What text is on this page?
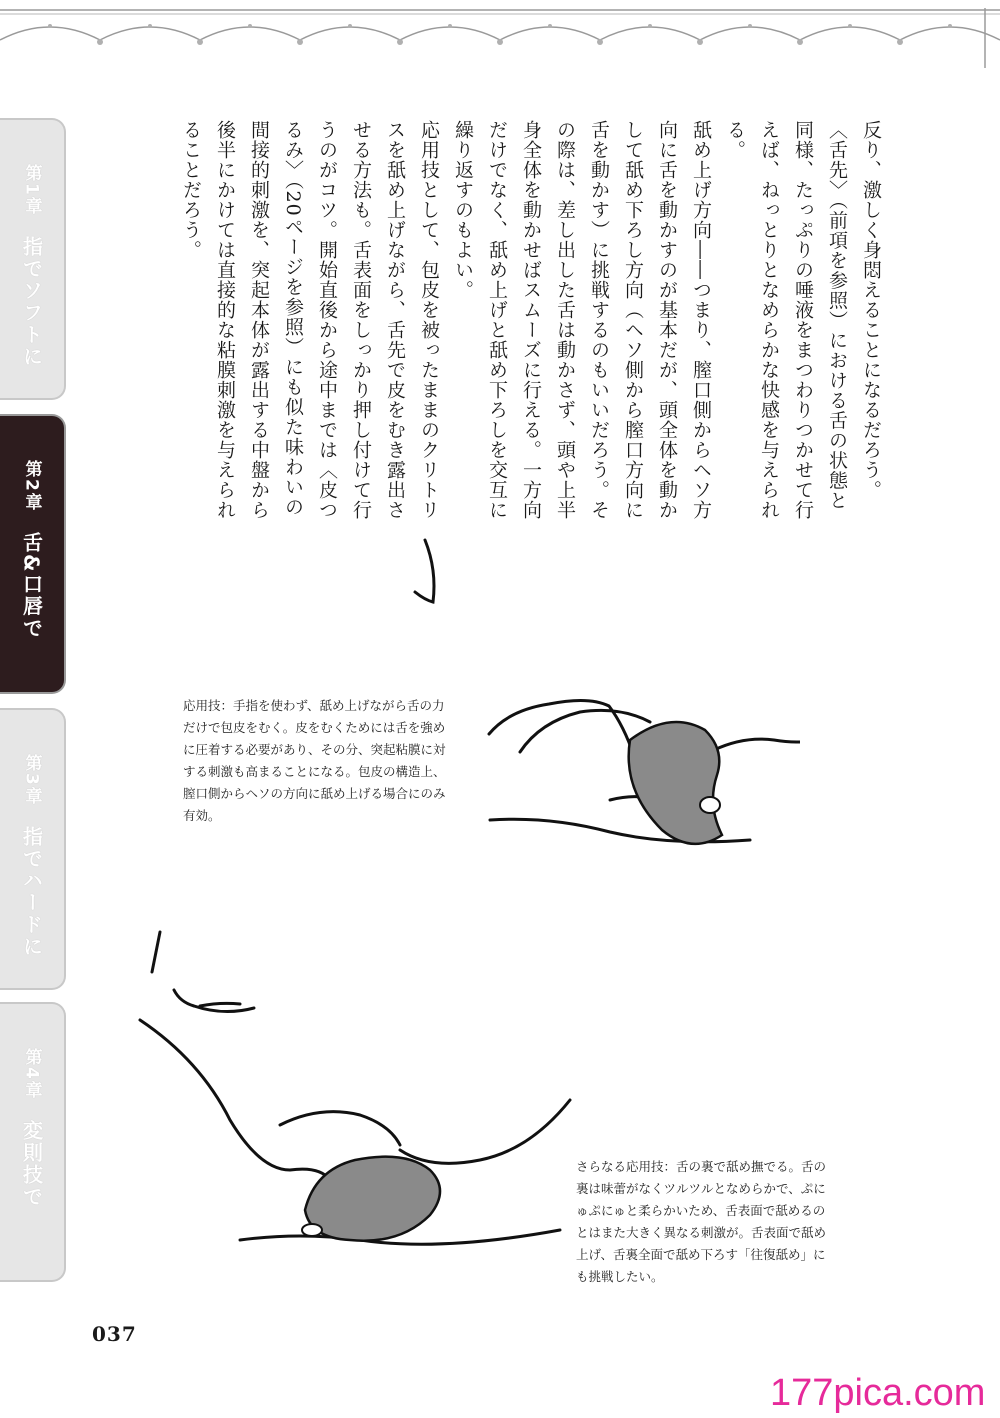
第1章
指でソフトに
第2章
舌&口唇で
第3章
指でハードに
第4章
変則技で

反り、激しく身悶えることになるだろう。

〈舌先〉（前項を参照）における舌の状態と同様、たっぷりの唾液をまつわりつかせて行えば、ねっとりとなめらかな快感を与えられる。

舐め上げ方向――つまり、膣口側からヘソ方向に舌を動かすのが基本だが、頭全体を動かして舐め下ろし方向（ヘソ側から膣口方向に舌を動かす）に挑戦するのもいいだろう。その際は、差し出した舌は動かさず、頭や上半身全体を動かせばスムーズに行える。一方向だけでなく、舐め上げと舐め下ろしを交互に繰り返すのもよい。

応用技として、包皮を被ったままのクリトリスを舐め上げながら、舌先で皮をむき露出させる方法も。舌表面をしっかり押し付けて行うのがコツ。開始直後から途中までは〈皮つるみ〉（20ページを参照）にも似た味わいの間接的刺激を、突起本体が露出する中盤から後半にかけては直接的な粘膜刺激を与えられることだろう。

応用技：手指を使わず、舐め上げながら舌の力だけで包皮をむく。皮をむくためには舌を強めに圧着する必要があり、その分、突起粘膜に対する刺激も高まることになる。包皮の構造上、膣口側からヘソの方向に舐め上げる場合にのみ有効。
さらなる応用技：舌の裏で舐め撫でる。舌の裏は味蕾がなくツルツルとなめらかで、ぷにゅぷにゅと柔らかいため、舌表面で舐めるのとはまた大きく異なる刺激が。舌表面で舐め上げ、舌裏全面で舐め下ろす「往復舐め」にも挑戦したい。
037
177pica.com
